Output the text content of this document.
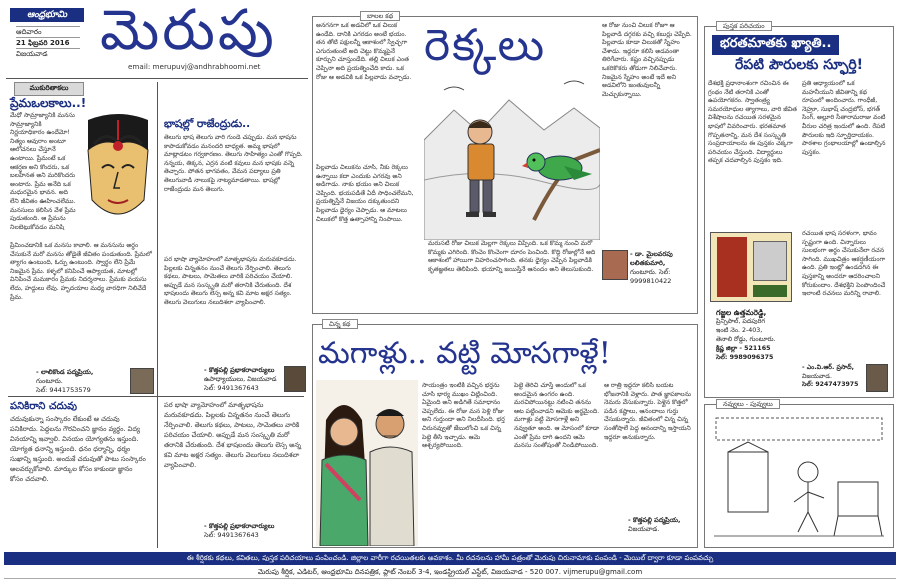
ఆంధ్రభూమి
ఆదివారం
21 ఫిబ్రవరి 2016
విజయవాడ మెరుపు
email: merupuvj@andhrabhoomi.net
ముకురితాకలు
ప్రేమఒలకాలు..!
మేధో సామ్రాజ్యానికి మనసు సామ్రాజ్యానికి నిర్ణయాధికారం ఉందేమో! నిత్యం ఆవురాం అంటూ ఆలోచనలు చేస్తూనే ఉంటాయి. ప్రేమంటే ఒక ఆకర్షణ అని కొందరు, ఒక బలహీనత అని మరికొందరు అంటారు. ప్రేమ అనేది ఒక మధురమైన భావన. అది లేని జీవితం ఊహించలేము. మనసులు కలిసిన వేళ ప్రేమ పుడుతుంది. ఆ ప్రేమను నిలబెట్టుకోవడం మనిషి
ప్రేమించడానికి ఒక మనసు కావాలి. ఆ మనసును అర్థం చేసుకునే మరో మనసు తోడైతే జీవితం పండుతుంది. ప్రేమలో త్యాగం ఉంటుంది, ఓర్పు ఉంటుంది. స్వార్థం లేని ప్రేమే నిజమైన ప్రేమ. కళ్ళలో కనిపించే ఆప్యాయత, మాటల్లో వినిపించే మమకారం ప్రేమకు నిదర్శనాలు. ప్రేమకు వయసు లేదు, హద్దులు లేవు. హృదయాల మధ్య వారధిగా నిలిచేదే ప్రేమ.
- లాలికొండ పద్మప్రియ,
గుంటూరు.
సెల్: 9441753579
పనికిరాని చదువు
చదువుకున్నా సంస్కారం లేకుంటే ఆ చదువు పనికిరాదు. పెద్దలను గౌరవించని జ్ఞానం వ్యర్థం. విద్య వినయాన్ని ఇవ్వాలి. వినయం యోగ్యతను ఇస్తుంది. యోగ్యత ధనాన్ని ఇస్తుంది. ధనం ధర్మాన్ని, ధర్మం సుఖాన్ని ఇస్తుంది. అందుకే చదువుతో పాటు సంస్కారం అలవర్చుకోవాలి. మార్కుల కోసం కాకుండా జ్ఞానం కోసం చదవాలి.
భాషల్లో రాజేంద్రుడు..
తెలుగు భాష తెలుగు వారి గుండె చప్పుడు. మన భాషను కాపాడుకోవడం మనందరి బాధ్యత. అమ్మ భాషలో మాట్లాడటం గర్వకారణం. తెలుగు సాహిత్యం ఎంతో గొప్పది. నన్నయ, తిక్కన, ఎర్రన వంటి కవులు మన భాషకు వన్నె తెచ్చారు. పోతన భాగవతం, వేమన పద్యాలు ప్రతి తెలుగువాడి నాలుకపై నాట్యమాడతాయి. భాషల్లో రాజేంద్రుడు మన తెలుగు.
పర భాషా వ్యామోహంలో మాతృభాషను మరువకూడదు. పిల్లలకు చిన్నతనం నుంచే తెలుగు నేర్పించాలి. తెలుగు కథలు, పాటలు, సామెతలు వారికి పరిచయం చేయాలి. అప్పుడే మన సంస్కృతి మరో తరానికి చేరుతుంది. దేశ భాషలందు తెలుగు లెస్స అన్న కవి మాట అక్షర సత్యం. తెలుగు వెలుగులు నలుదిశలా వ్యాపించాలి.
- కొత్తపల్లి ప్రభాకరాచార్యులు
ఉపాధ్యాయులు, విజయవాడ
సెల్: 9491367643
పర భాషా వ్యామోహంలో మాతృభాషను మరువకూడదు. పిల్లలకు చిన్నతనం నుంచే తెలుగు నేర్పించాలి. తెలుగు కథలు, పాటలు, సామెతలు వారికి పరిచయం చేయాలి. అప్పుడే మన సంస్కృతి మరో తరానికి చేరుతుంది. దేశ భాషలందు తెలుగు లెస్స అన్న కవి మాట అక్షర సత్యం. తెలుగు వెలుగులు నలుదిశలా వ్యాపించాలి.
- కొత్తపల్లి ప్రభాకరాచార్యులు
సెల్: 9491367643
బాలల కథ
అనగనగా ఒక అడవిలో ఒక చిలుక ఉండేది. దానికి ఎగరడం అంటే భయం. తన తోటి పక్షులన్నీ ఆకాశంలో స్వేచ్ఛగా ఎగురుతుంటే అది చెట్టు కొమ్మపైనే కూర్చుని చూస్తుండేది. తల్లి చిలుక ఎంత చెప్పినా అది ప్రయత్నించేది కాదు. ఒక రోజు ఆ అడవికి ఒక పిల్లవాడు వచ్చాడు.
పిల్లవాడు చిలుకను చూసి, నీకు రెక్కలు ఉన్నాయి కదా ఎందుకు ఎగరవు అని అడిగాడు. నాకు భయం అని చిలుక చెప్పింది. భయపడితే ఏదీ సాధించలేమని, ప్రయత్నిస్తేనే విజయం దక్కుతుందని పిల్లవాడు ధైర్యం చెప్పాడు. ఆ మాటలు చిలుకలో కొత్త ఉత్సాహాన్ని నింపాయి.
రెక్కలు
మరుసటి రోజు చిలుక మెల్లగా రెక్కలు విప్పింది. ఒక కొమ్మ నుంచి మరో కొమ్మకు ఎగిరింది. కొంచెం కొంచెంగా దూరం పెంచింది. కొద్ది రోజుల్లోనే అది ఆకాశంలో హాయిగా విహరించసాగింది. తనకు ధైర్యం చెప్పిన పిల్లవాడికి కృతజ్ఞతలు తెలిపింది. భయాన్ని జయిస్తేనే ఆనందం అని తెలుసుకుంది.
ఆ రోజు నుంచి చిలుక రోజూ ఆ పిల్లవాడి దగ్గరకు వచ్చి కబుర్లు చెప్పేది. పిల్లవాడు కూడా చిలుకతో స్నేహం చేశాడు. ఇద్దరూ కలిసి అడవంతా తిరిగేవారు. కష్టం వచ్చినప్పుడు ఒకరికొకరు తోడుగా నిలిచేవారు. నిజమైన స్నేహం అంటే ఇదే అని అడవిలోని జంతువులన్నీ మెచ్చుకున్నాయి.
- డా. మైలవరపు లలితకుమారి,
గుంటూరు. సెల్: 9999810422
చిన్న కథ
మగాళ్లు.. వట్టి మోసగాళ్లే!
సాయంత్రం ఇంటికి వచ్చిన భర్తను చూసి భార్య ముఖం చిట్లించింది. ఏమైంది అని అడిగితే సమాధానం చెప్పలేదు. ఈ రోజు మన పెళ్లి రోజు అని గుర్తుందా అని నిలదీసింది. భర్త చిరునవ్వుతో జేబులోంచి ఒక చిన్న పెట్టె తీసి ఇచ్చాడు. ఆమె ఆశ్చర్యపోయింది.
పెట్టె తెరిచి చూస్తే అందులో ఒక అందమైన ఉంగరం ఉంది. మరచిపోయినట్టు నటించి తనను ఆట పట్టించాడని ఆమెకు అర్థమైంది. మగాళ్లు వట్టి మోసగాళ్లే అని నవ్వుతూ అంది. ఆ మోసంలో కూడా ఎంతో ప్రేమ దాగి ఉందని ఆమె మనసు సంతోషంతో నిండిపోయింది.
ఆ రాత్రి ఇద్దరూ కలిసి బయట భోజనానికి వెళ్లారు. పాత జ్ఞాపకాలను నెమరు వేసుకున్నారు. పెళ్లైన కొత్తలో పడిన కష్టాలు, ఆనందాలు గుర్తు చేసుకున్నారు. జీవితంలో చిన్న చిన్న సంతోషాలే పెద్ద ఆనందాన్ని ఇస్తాయని ఇద్దరూ అనుకున్నారు.
- కొత్తపల్లి పద్మప్రియ,
విజయవాడ.
పుస్తక పరిచయం
భరతమాతకు ఖ్యాతి..
రేపటి పౌరులకు స్ఫూర్తి!
దేశభక్తి ప్రధానాంశంగా రచించిన ఈ గ్రంథం నేటి తరానికి ఎంతో ఉపయోగకరం. స్వాతంత్ర్య సమరయోధుల త్యాగాలు, వారి జీవిత విశేషాలను రచయిత సరళమైన భాషలో వివరించారు. భరతమాత గొప్పతనాన్ని, మన దేశ సంస్కృతి సంప్రదాయాలను ఈ పుస్తకం చక్కగా పరిచయం చేస్తుంది. విద్యార్థులు తప్పక చదవాల్సిన పుస్తకం ఇది.
గజ్జల ఉత్తమరెడ్డి,
ప్రిన్సిపాల్, పదపురిగ
ఇంటి నెం. 2-403,
తెనాలి రోడ్డు, గుంటూరు.
క్రిష్ణ జిల్లా - 521165
సెల్: 9989096375
ప్రతి అధ్యాయంలో ఒక మహనీయుని జీవితాన్ని కథ రూపంలో అందించారు. గాంధీజీ, నెహ్రూ, సుభాష్ చంద్రబోస్, భగత్ సింగ్, అల్లూరి సీతారామరాజు వంటి వీరుల చరిత్ర ఇందులో ఉంది. రేపటి పౌరులకు ఇది స్ఫూర్తిదాయకం. పాఠశాల గ్రంథాలయాల్లో ఉండాల్సిన పుస్తకం.
రచయిత భాష సరళంగా, భావం స్పష్టంగా ఉంది. చిన్నారులు సులభంగా అర్థం చేసుకునేలా రచన సాగింది. ముఖచిత్రం ఆకర్షణీయంగా ఉంది. ప్రతి ఇంట్లో ఉండదగిన ఈ పుస్తకాన్ని అందరూ ఆదరించాలని కోరుకుందాం. దేశభక్తిని పెంపొందించే ఇలాంటి రచనలు మరిన్ని రావాలి.
- ఎం.వి.ఆర్. ప్రసాద్,
విజయవాడ.
సెల్: 9247473975
నవ్వులు - పువ్వులు
ఈ శీర్షికకు కథలు, కవితలు, పుస్తక పరిచయాలు పంపించండి. జిల్లాల వారీగా రచయితలకు అవకాశం. మీ రచనలను హామీ పత్రంతో మెరుపు చిరునామాకు పంపండి - మెయిల్ ద్వారా కూడా పంపవచ్చు
మెరుపు శీర్షిక, ఎడిటర్, ఆంధ్రభూమి దినపత్రిక, ప్లాట్ నెంబర్ 3-4, ఇండస్ట్రియల్ ఎస్టేట్, విజయవాడ - 520 007. vijmerupu@gmail.com
